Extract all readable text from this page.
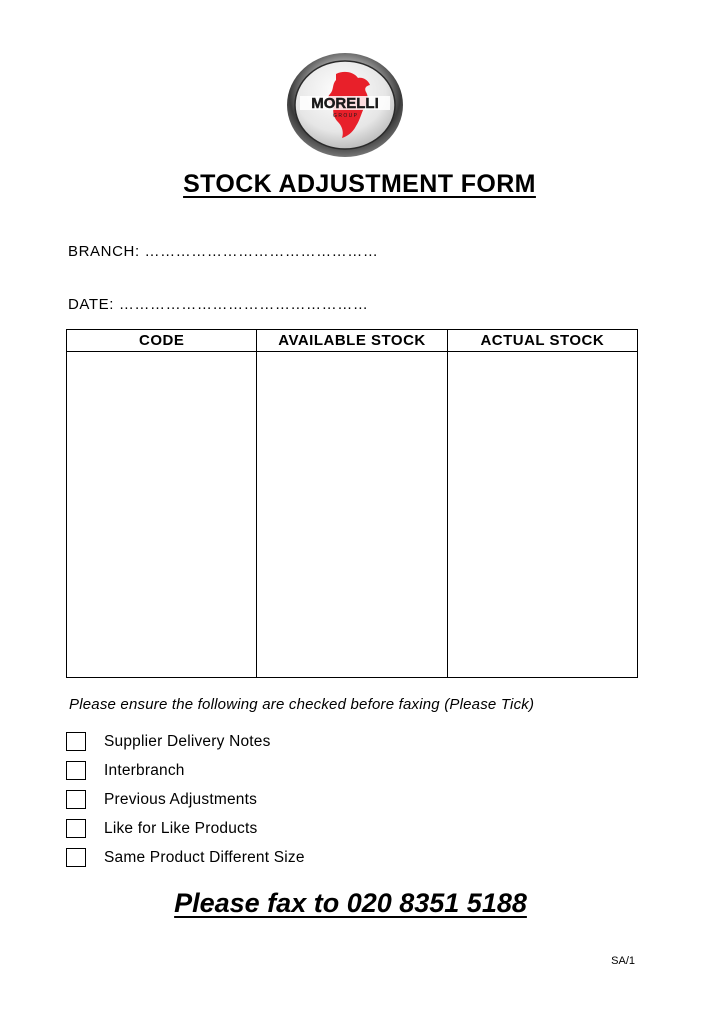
MORELLI
G R O U P
STOCK ADJUSTMENT FORM
BRANCH: ………………………………………
DATE: …………………………………………
CODE	AVAILABLE STOCK	ACTUAL STOCK

Please ensure the following are checked before faxing (Please Tick)
Supplier Delivery Notes
Interbranch
Previous Adjustments
Like for Like Products
Same Product Different Size
Please fax to 020 8351 5188
SA/1
